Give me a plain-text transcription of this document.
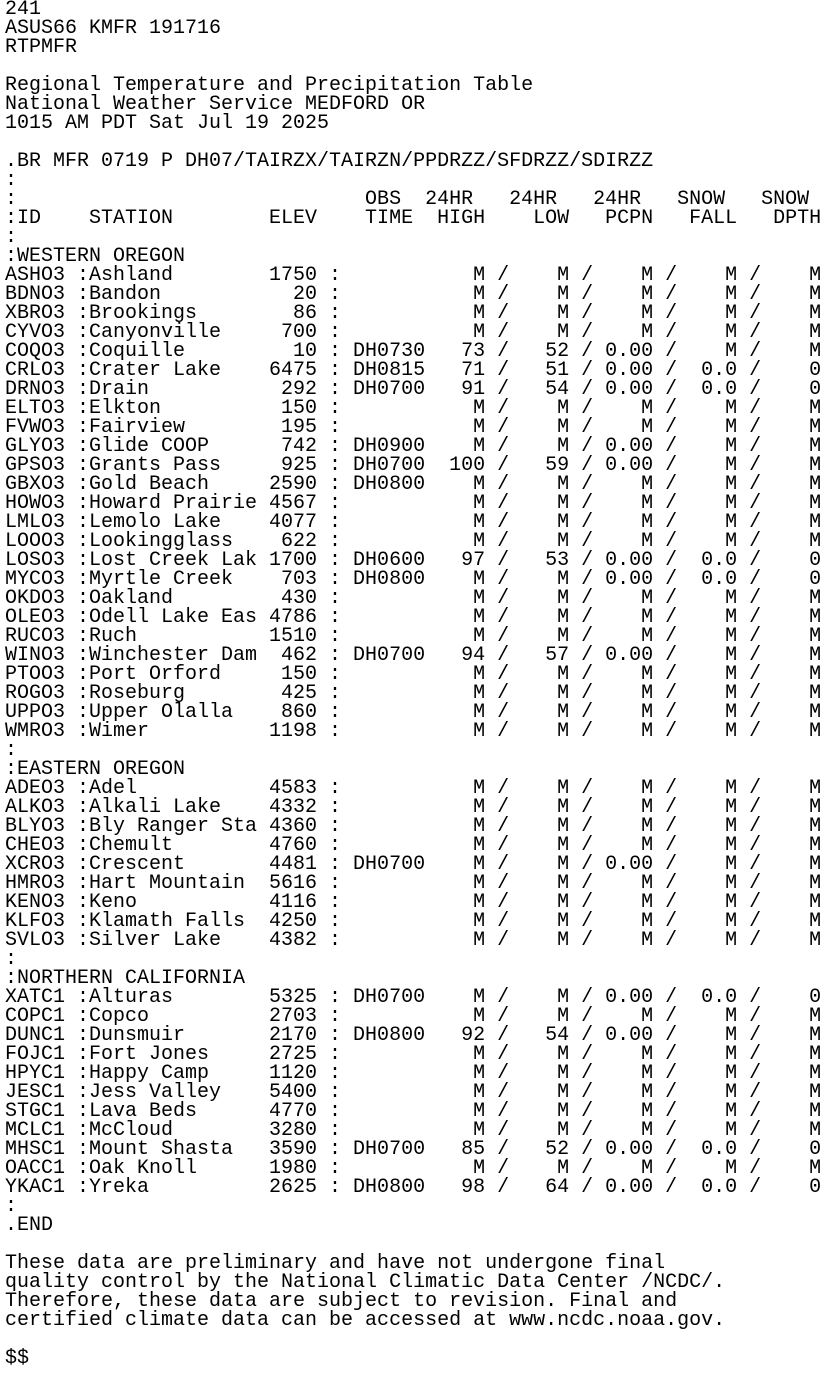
241
ASUS66 KMFR 191716
RTPMFR
Regional Temperature and Precipitation Table
National Weather Service MEDFORD OR
1015 AM PDT Sat Jul 19 2025
.BR MFR 0719 P DH07/TAIRZX/TAIRZN/PPDRZZ/SFDRZZ/SDIRZZ
:
:                             OBS  24HR   24HR   24HR   SNOW   SNOW
:ID    STATION        ELEV    TIME  HIGH    LOW   PCPN   FALL   DPTH
:
:WESTERN OREGON
ASHO3 :Ashland        1750 :           M /    M /    M /    M /    M
BDNO3 :Bandon           20 :           M /    M /    M /    M /    M
XBRO3 :Brookings        86 :           M /    M /    M /    M /    M
CYVO3 :Canyonville     700 :           M /    M /    M /    M /    M
COQO3 :Coquille         10 : DH0730   73 /   52 / 0.00 /    M /    M
CRLO3 :Crater Lake    6475 : DH0815   71 /   51 / 0.00 /  0.0 /    0
DRNO3 :Drain           292 : DH0700   91 /   54 / 0.00 /  0.0 /    0
ELTO3 :Elkton          150 :           M /    M /    M /    M /    M
FVWO3 :Fairview        195 :           M /    M /    M /    M /    M
GLYO3 :Glide COOP      742 : DH0900    M /    M / 0.00 /    M /    M
GPSO3 :Grants Pass     925 : DH0700  100 /   59 / 0.00 /    M /    M
GBXO3 :Gold Beach     2590 : DH0800    M /    M /    M /    M /    M
HOWO3 :Howard Prairie 4567 :           M /    M /    M /    M /    M
LMLO3 :Lemolo Lake    4077 :           M /    M /    M /    M /    M
LOOO3 :Lookingglass    622 :           M /    M /    M /    M /    M
LOSO3 :Lost Creek Lak 1700 : DH0600   97 /   53 / 0.00 /  0.0 /    0
MYCO3 :Myrtle Creek    703 : DH0800    M /    M / 0.00 /  0.0 /    0
OKDO3 :Oakland         430 :           M /    M /    M /    M /    M
OLEO3 :Odell Lake Eas 4786 :           M /    M /    M /    M /    M
RUCO3 :Ruch           1510 :           M /    M /    M /    M /    M
WINO3 :Winchester Dam  462 : DH0700   94 /   57 / 0.00 /    M /    M
PTOO3 :Port Orford     150 :           M /    M /    M /    M /    M
ROGO3 :Roseburg        425 :           M /    M /    M /    M /    M
UPPO3 :Upper Olalla    860 :           M /    M /    M /    M /    M
WMRO3 :Wimer          1198 :           M /    M /    M /    M /    M
:
:EASTERN OREGON
ADEO3 :Adel           4583 :           M /    M /    M /    M /    M
ALKO3 :Alkali Lake    4332 :           M /    M /    M /    M /    M
BLYO3 :Bly Ranger Sta 4360 :           M /    M /    M /    M /    M
CHEO3 :Chemult        4760 :           M /    M /    M /    M /    M
XCRO3 :Crescent       4481 : DH0700    M /    M / 0.00 /    M /    M
HMRO3 :Hart Mountain  5616 :           M /    M /    M /    M /    M
KENO3 :Keno           4116 :           M /    M /    M /    M /    M
KLFO3 :Klamath Falls  4250 :           M /    M /    M /    M /    M
SVLO3 :Silver Lake    4382 :           M /    M /    M /    M /    M
:
:NORTHERN CALIFORNIA
XATC1 :Alturas        5325 : DH0700    M /    M / 0.00 /  0.0 /    0
COPC1 :Copco          2703 :           M /    M /    M /    M /    M
DUNC1 :Dunsmuir       2170 : DH0800   92 /   54 / 0.00 /    M /    M
FOJC1 :Fort Jones     2725 :           M /    M /    M /    M /    M
HPYC1 :Happy Camp     1120 :           M /    M /    M /    M /    M
JESC1 :Jess Valley    5400 :           M /    M /    M /    M /    M
STGC1 :Lava Beds      4770 :           M /    M /    M /    M /    M
MCLC1 :McCloud        3280 :           M /    M /    M /    M /    M
MHSC1 :Mount Shasta   3590 : DH0700   85 /   52 / 0.00 /  0.0 /    0
OACC1 :Oak Knoll      1980 :           M /    M /    M /    M /    M
YKAC1 :Yreka          2625 : DH0800   98 /   64 / 0.00 /  0.0 /    0
:
.END
These data are preliminary and have not undergone final
quality control by the National Climatic Data Center /NCDC/.
Therefore, these data are subject to revision. Final and
certified climate data can be accessed at www.ncdc.noaa.gov.
$$
